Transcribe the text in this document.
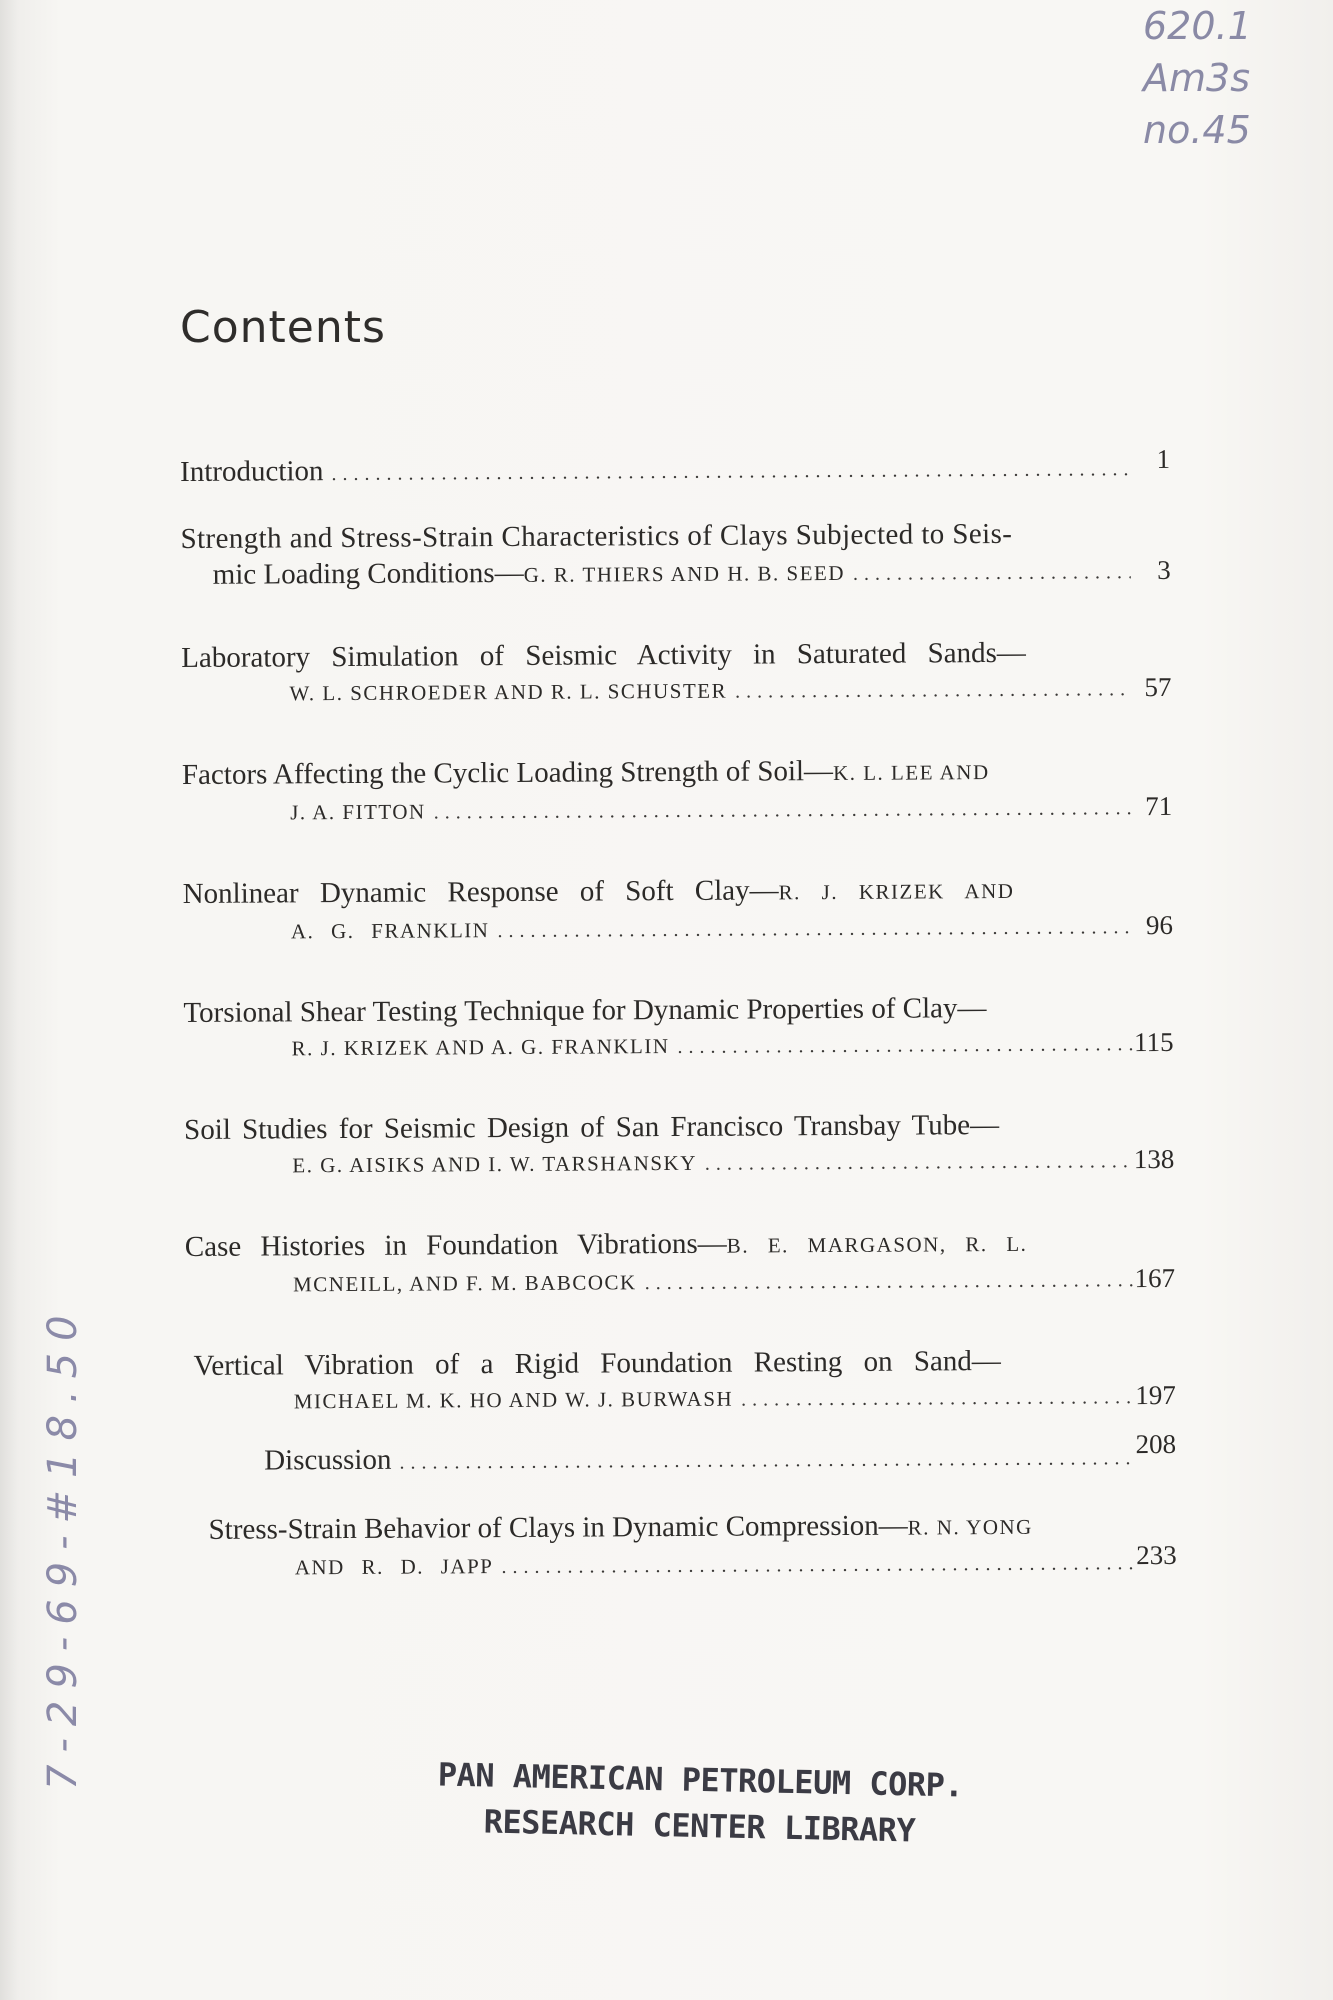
620.1
Am3s
no.45
Contents
Introduction .....	1
Strength and Stress-Strain Characteristics of Clays Subjected to Seis-
mic Loading Conditions— G. R. THIERS AND H. B. SEED .....	3
Laboratory Simulation of Seismic Activity in Saturated Sands—
W. L. SCHROEDER AND R. L. SCHUSTER .....	57
Factors Affecting the Cyclic Loading Strength of Soil— K. L. LEE AND
J. A. FITTON .....	71
Nonlinear Dynamic Response of Soft Clay— R. J. KRIZEK AND
A. G. FRANKLIN .....	96
Torsional Shear Testing Technique for Dynamic Properties of Clay—
R. J. KRIZEK AND A. G. FRANKLIN .....	115
Soil Studies for Seismic Design of San Francisco Transbay Tube—
E. G. AISIKS AND I. W. TARSHANSKY .....	138
Case Histories in Foundation Vibrations— B. E. MARGASON, R. L.
MCNEILL, AND F. M. BABCOCK .....	167
Vertical Vibration of a Rigid Foundation Resting on Sand—
MICHAEL M. K. HO AND W. J. BURWASH .....	197
Discussion .....	208
Stress-Strain Behavior of Clays in Dynamic Compression— R. N. YONG
AND R. D. JAPP .....	233
PAN AMERICAN PETROLEUM CORP.
RESEARCH CENTER LIBRARY
7-29-69-#18.50
